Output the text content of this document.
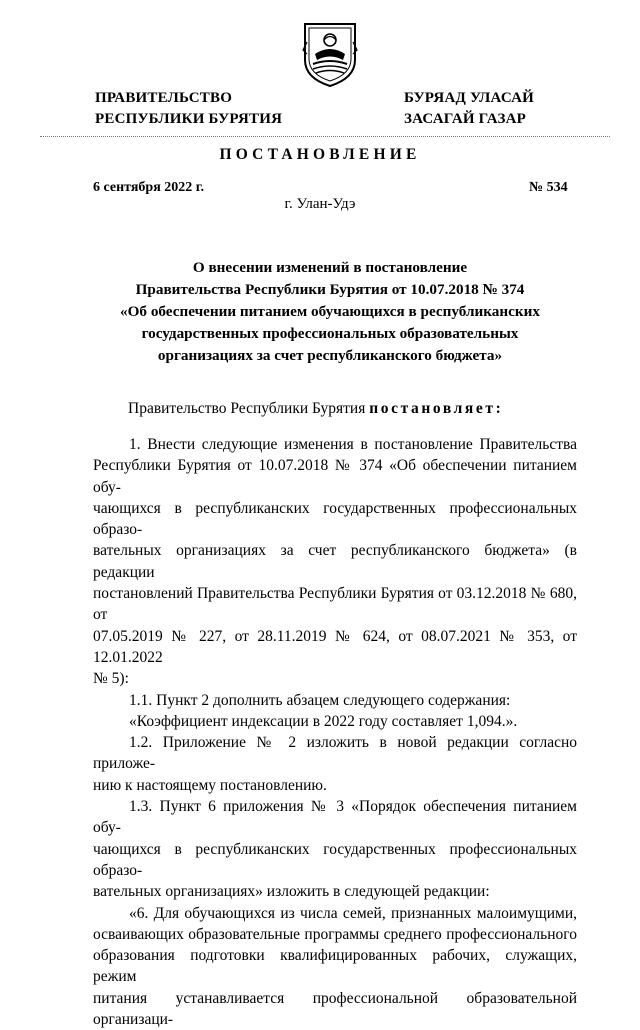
ПРАВИТЕЛЬСТВО
РЕСПУБЛИКИ БУРЯТИЯ
БУРЯАД УЛАСАЙ
ЗАСАГАЙ ГАЗАР
ПОСТАНОВЛЕНИЕ
6 сентября 2022 г.	№ 534
г. Улан-Удэ
О внесении изменений в постановление
Правительства Республики Бурятия от 10.07.2018 № 374
«Об обеспечении питанием обучающихся в республиканских
государственных профессиональных образовательных
организациях за счет республиканского бюджета»
Правительство Республики Бурятия постановляет:

1. Внести следующие изменения в постановление Правительства

Республики Бурятия от 10.07.2018 № 374 «Об обеспечении питанием обу-

чающихся в республиканских государственных профессиональных образо-

вательных организациях за счет республиканского бюджета» (в редакции

постановлений Правительства Республики Бурятия от 03.12.2018 № 680, от

07.05.2019 № 227, от 28.11.2019 № 624, от 08.07.2021 № 353, от 12.01.2022

№ 5):

1.1. Пункт 2 дополнить абзацем следующего содержания:

«Коэффициент индексации в 2022 году составляет 1,094.».

1.2. Приложение № 2 изложить в новой редакции согласно приложе-

нию к настоящему постановлению.

1.3. Пункт 6 приложения № 3 «Порядок обеспечения питанием обу-

чающихся в республиканских государственных профессиональных образо-

вательных организациях» изложить в следующей редакции:

«6. Для обучающихся из числа семей, признанных малоимущими,

осваивающих образовательные программы среднего профессионального

образования подготовки квалифицированных рабочих, служащих, режим

питания устанавливается профессиональной образовательной организаци-
